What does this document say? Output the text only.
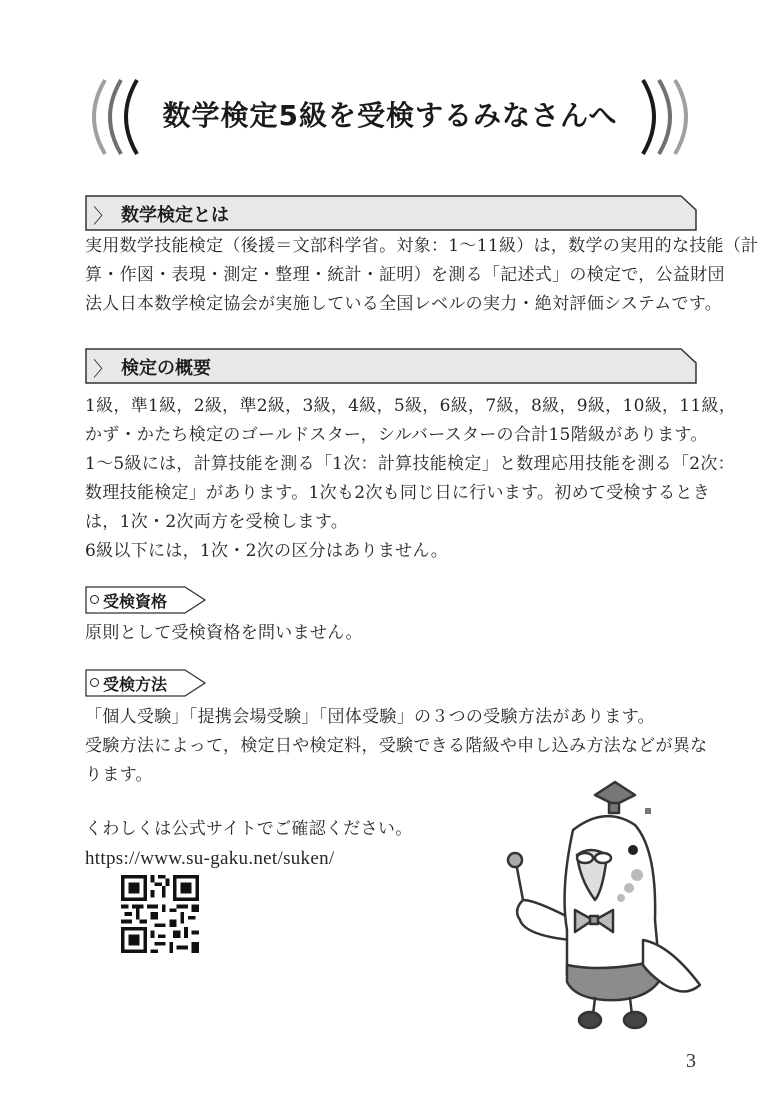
数学検定5級を受検するみなさんへ
〉 数学検定とは
実用数学技能検定（後援＝文部科学省。対象：1～11級）は，数学の実用的な技能（計
算・作図・表現・測定・整理・統計・証明）を測る「記述式」の検定で，公益財団
法人日本数学検定協会が実施している全国レベルの実力・絶対評価システムです。
〉 検定の概要
1級，準1級，2級，準2級，3級，4級，5級，6級，7級，8級，9級，10級，11級，
かず・かたち検定のゴールドスター，シルバースターの合計15階級があります。
1～5級には，計算技能を測る「1次：計算技能検定」と数理応用技能を測る「2次：
数理技能検定」があります。1次も2次も同じ日に行います。初めて受検するとき
は，1次・2次両方を受検します。
6級以下には，1次・2次の区分はありません。
受検資格
原則として受検資格を問いません。
受検方法
「個人受験」「提携会場受験」「団体受験」の３つの受験方法があります。
受験方法によって，検定日や検定料，受験できる階級や申し込み方法などが異な
ります。
くわしくは公式サイトでご確認ください。
https://www.su-gaku.net/suken/
3
